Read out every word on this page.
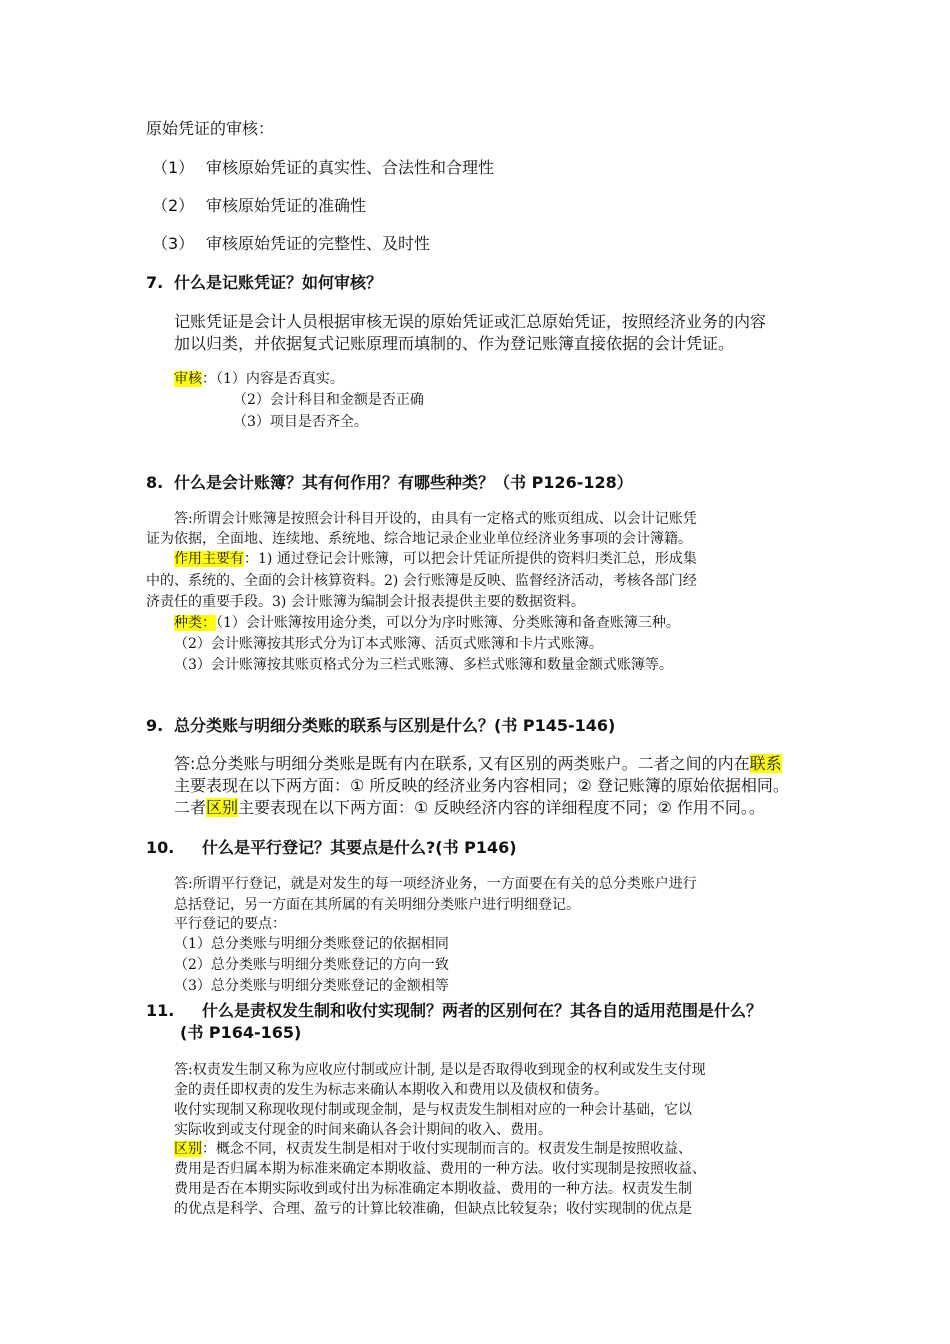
原始凭证的审核：
（1） 审核原始凭证的真实性、合法性和合理性
（2） 审核原始凭证的准确性
（3） 审核原始凭证的完整性、及时性
7. 什么是记账凭证？如何审核？
记账凭证是会计人员根据审核无误的原始凭证或汇总原始凭证，按照经济业务的内容
加以归类，并依据复式记账原理而填制的、作为登记账簿直接依据的会计凭证。
审核：（1）内容是否真实。
（2）会计科目和金额是否正确
（3）项目是否齐全。
8. 什么是会计账簿？其有何作用？有哪些种类？（书 P126-128）
答:所谓会计账簿是按照会计科目开设的，由具有一定格式的账页组成、以会计记账凭
证为依据，全面地、连续地、系统地、综合地记录企业业单位经济业务事项的会计簿籍。
作用主要有：1) 通过登记会计账簿，可以把会计凭证所提供的资料归类汇总，形成集
中的、系统的、全面的会计核算资料。2) 会行账簿是反映、监督经济活动，考核各部门经
济责任的重要手段。3) 会计账簿为编制会计报表提供主要的数据资料。
种类：（1）会计账簿按用途分类，可以分为序时账簿、分类账簿和备查账簿三种。
（2）会计账簿按其形式分为订本式账簿、活页式账簿和卡片式账簿。
（3）会计账簿按其账页格式分为三栏式账簿、多栏式账簿和数量金额式账簿等。
9. 总分类账与明细分类账的联系与区别是什么？(书 P145-146)
答:总分类账与明细分类账是既有内在联系, 又有区别的两类账户。二者之间的内在联系
主要表现在以下两方面：① 所反映的经济业务内容相同；② 登记账簿的原始依据相同。
二者区别主要表现在以下两方面：① 反映经济内容的详细程度不同；② 作用不同。。
10. 什么是平行登记？其要点是什么?(书 P146)
答:所谓平行登记，就是对发生的每一项经济业务，一方面要在有关的总分类账户进行
总括登记，另一方面在其所属的有关明细分类账户进行明细登记。
平行登记的要点：
（1）总分类账与明细分类账登记的依据相同
（2）总分类账与明细分类账登记的方向一致
（3）总分类账与明细分类账登记的金额相等
11. 什么是责权发生制和收付实现制？两者的区别何在？其各自的适用范围是什么？
(书 P164-165)
答:权责发生制又称为应收应付制或应计制, 是以是否取得收到现金的权利或发生支付现
金的责任即权责的发生为标志来确认本期收入和费用以及债权和债务。
收付实现制又称现收现付制或现金制，是与权责发生制相对应的一种会计基础，它以
实际收到或支付现金的时间来确认各会计期间的收入、费用。
区别：概念不同，权责发生制是相对于收付实现制而言的。权责发生制是按照收益、
费用是否归属本期为标准来确定本期收益、费用的一种方法。收付实现制是按照收益、
费用是否在本期实际收到或付出为标准确定本期收益、费用的一种方法。权责发生制
的优点是科学、合理、盈亏的计算比较准确，但缺点比较复杂；收付实现制的优点是
